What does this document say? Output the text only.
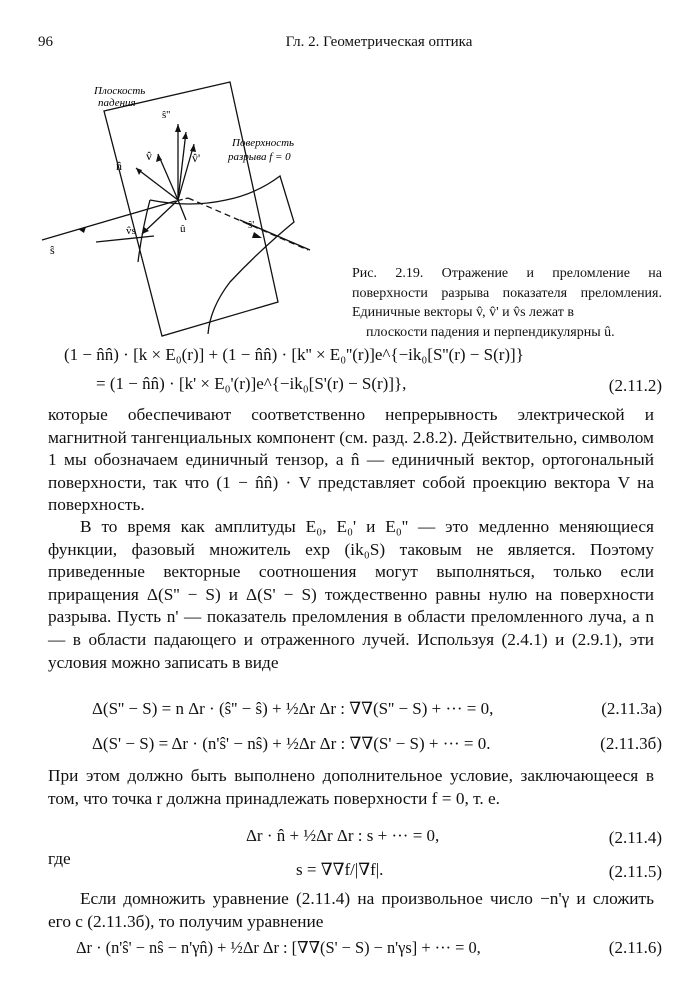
96	Гл. 2. Геометрическая оптика
Плоскость
падения
Поверхность
разрыва f = 0
ŝ
ŝ''
ŝ'
n̂
v̂	v̂'
v̂s	û
Рис. 2.19. Отражение и преломление на поверхности разрыва показателя преломления. Единичные векторы v̂, v̂' и v̂s лежат в
плоскости падения и перпендикулярны û.
(1 − n̂n̂) · [k × E₀(r)] + (1 − n̂n̂) · [k'' × E₀''(r)]e^{−ik₀[S''(r) − S(r)]}
= (1 − n̂n̂) · [k' × E₀'(r)]e^{−ik₀[S'(r) − S(r)]},	(2.11.2)
которые обеспечивают соответственно непрерывность электрической и магнитной тангенциальных компонент (см. разд. 2.8.2). Действительно, символом 1 мы обозначаем единичный тензор, а n̂ — единичный вектор, ортогональный поверхности, так что (1 − n̂n̂) · V представляет собой проекцию вектора V на поверхность.
В то время как амплитуды E₀, E₀' и E₀'' — это медленно меняющиеся функции, фазовый множитель exp (ik₀S) таковым не является. Поэтому приведенные векторные соотношения могут выполняться, только если приращения Δ(S'' − S) и Δ(S' − S) тождественно равны нулю на поверхности разрыва. Пусть n' — показатель преломления в области преломленного луча, а n — в области падающего и отраженного лучей. Используя (2.4.1) и (2.9.1), эти условия можно записать в виде
Δ(S'' − S) = n Δr · (ŝ'' − ŝ) + ½Δr Δr : ∇∇(S'' − S) + ··· = 0,	(2.11.3а)
Δ(S' − S) = Δr · (n'ŝ' − nŝ) + ½Δr Δr : ∇∇(S' − S) + ··· = 0.	(2.11.3б)
При этом должно быть выполнено дополнительное условие, заключающееся в том, что точка r должна принадлежать поверхности f = 0, т. е.
Δr · n̂ + ½Δr Δr : s + ··· = 0,	(2.11.4)
где
s = ∇∇f/|∇f|.	(2.11.5)
Если домножить уравнение (2.11.4) на произвольное число −n'γ и сложить его с (2.11.3б), то получим уравнение
Δr · (n'ŝ' − nŝ − n'γn̂) + ½Δr Δr : [∇∇(S' − S) − n'γs] + ··· = 0,	(2.11.6)
